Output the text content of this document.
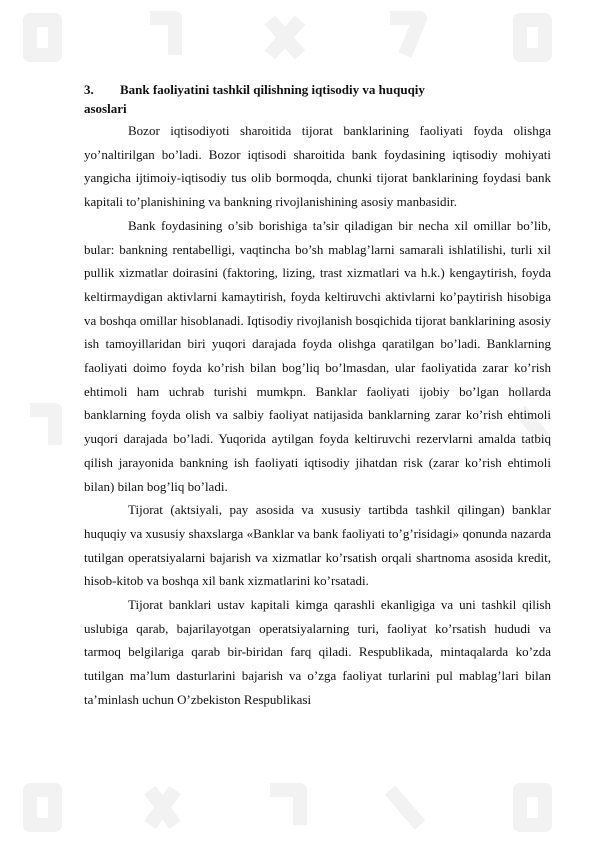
3. Bank faoliyatini tashkil qilishning iqtisodiy va huquqiy
asoslari

Bozor iqtisodiyoti sharoitida tijorat banklarining faoliyati foyda olishga yo’naltirilgan bo’ladi. Bozor iqtisodi sharoitida bank foydasining iqtisodiy mohiyati yangicha ijtimoiy-iqtisodiy tus olib bormoqda, chunki tijorat banklarining foydasi bank kapitali to’planishining va bankning rivojlanishining asosiy manbasidir.

Bank foydasining o’sib borishiga ta’sir qiladigan bir necha xil omillar bo’lib, bular: bankning rentabelligi, vaqtincha bo’sh mablag’larni samarali ishlatilishi, turli xil pullik xizmatlar doirasini (faktoring, lizing, trast xizmatlari va h.k.) kengaytirish, foyda keltirmaydigan aktivlarni kamaytirish, foyda keltiruvchi aktivlarni ko’paytirish hisobiga va boshqa omillar hisoblanadi. Iqtisodiy rivojlanish bosqichida tijorat banklarining asosiy ish tamoyillaridan biri yuqori darajada foyda olishga qaratilgan bo’ladi. Banklarning faoliyati doimo foyda ko’rish bilan bog’liq bo’lmasdan, ular faoliyatida zarar ko’rish ehtimoli ham uchrab turishi mumkpn. Banklar faoliyati ijobiy bo’lgan hollarda banklarning foyda olish va salbiy faoliyat natijasida banklarning zarar ko’rish ehtimoli yuqori darajada bo’ladi. Yuqorida aytilgan foyda keltiruvchi rezervlarni amalda tatbiq qilish jarayonida bankning ish faoliyati iqtisodiy jihatdan risk (zarar ko’rish ehtimoli bilan) bilan bog’liq bo’ladi.

Tijorat (aktsiyali, pay asosida va xususiy tartibda tashkil qilingan) banklar huquqiy va xususiy shaxslarga «Banklar va bank faoliyati to’g’risidagi» qonunda nazarda tutilgan operatsiyalarni bajarish va xizmatlar ko’rsatish orqali shartnoma asosida kredit, hisob-kitob va boshqa xil bank xizmatlarini ko’rsatadi.

Tijorat banklari ustav kapitali kimga qarashli ekanligiga va uni tashkil qilish uslubiga qarab, bajarilayotgan operatsiyalarning turi, faoliyat ko’rsatish hududi va tarmoq belgilariga qarab bir-biridan farq qiladi. Respublikada, mintaqalarda ko’zda tutilgan ma’lum dasturlarini bajarish va o’zga faoliyat turlarini pul mablag’lari bilan ta’minlash uchun O’zbekiston Respublikasi
